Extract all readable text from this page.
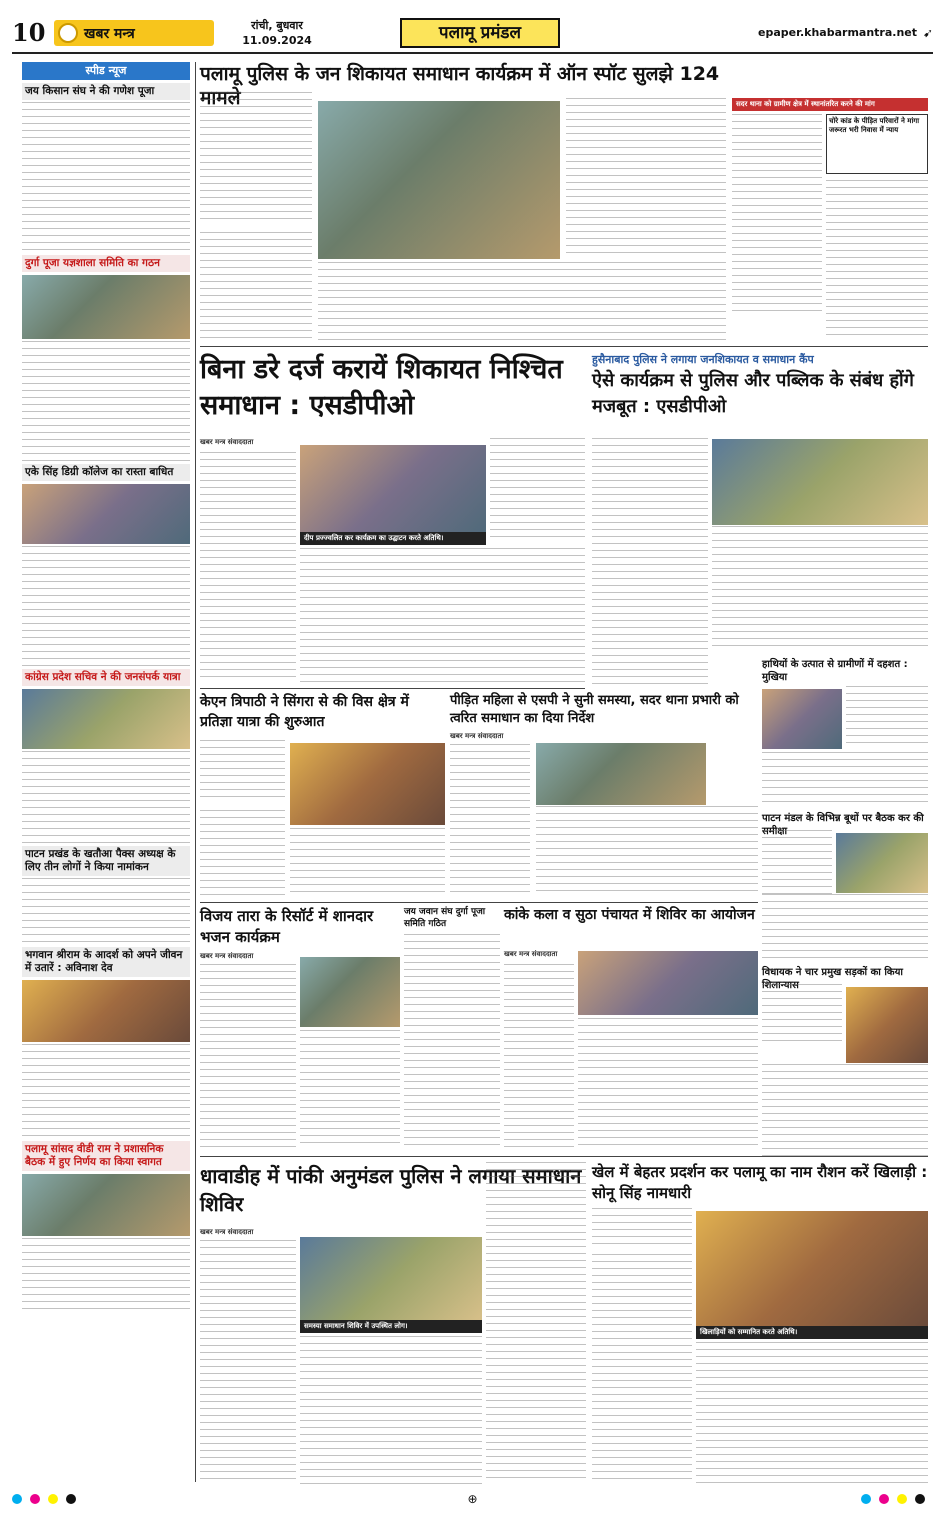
10	खबर मन्त्र
रांची, बुधवार
11.09.2024	पलामू प्रमंडल	epaper.khabarmantra.net ➹
स्पीड न्यूज
जय किसान संघ ने की गणेश पूजा
दुर्गा पूजा यज्ञशाला समिति का गठन
एके सिंह डिग्री कॉलेज का रास्ता बाधित
कांग्रेस प्रदेश सचिव ने की जनसंपर्क यात्रा
पाटन प्रखंड के खतौआ पैक्स अध्यक्ष के लिए तीन लोगों ने किया नामांकन
भगवान श्रीराम के आदर्श को अपने जीवन में उतारें : अविनाश देव
पलामू सांसद वीडी राम ने प्रशासनिक बैठक में हुए निर्णय का किया स्वागत
पलामू पुलिस के जन शिकायत समाधान कार्यक्रम में ऑन स्पॉट सुलझे 124 मामले	सदर थाना को ग्रामीण क्षेत्र में स्थानांतरित करने की मांग
चोरे कांड के पीड़ित परिवारों ने मांगा जरूरत भरी निवास में न्याय
बिना डरे दर्ज करायें शिकायत निश्चित समाधान : एसडीपीओ
खबर मन्त्र संवाददाता
दीप प्रज्ज्वलित कर कार्यक्रम का उद्घाटन करते अतिथि।
हुसैनाबाद पुलिस ने लगाया जनशिकायत व समाधान कैंप
ऐसे कार्यक्रम से पुलिस और पब्लिक के संबंध होंगे मजबूत : एसडीपीओ
केएन त्रिपाठी ने सिंगरा से की विस क्षेत्र में प्रतिज्ञा यात्रा की शुरुआत
पीड़ित महिला से एसपी ने सुनी समस्या, सदर थाना प्रभारी को त्वरित समाधान का दिया निर्देश
खबर मन्त्र संवाददाता
हाथियों के उत्पात से ग्रामीणों में दहशत : मुखिया
पाटन मंडल के विभिन्न बूथों पर बैठक कर की समीक्षा
विधायक ने चार प्रमुख सड़कों का किया शिलान्यास
विजय तारा के रिसॉर्ट में शानदार भजन कार्यक्रम
खबर मन्त्र संवाददाता
जय जवान संघ दुर्गा पूजा समिति गठित
कांके कला व सुठा पंचायत में शिविर का आयोजन
खबर मन्त्र संवाददाता
धावाडीह में पांकी अनुमंडल पुलिस ने लगाया समाधान शिविर
खबर मन्त्र संवाददाता
समस्या समाधान शिविर में उपस्थित लोग।
खेल में बेहतर प्रदर्शन कर पलामू का नाम रौशन करें खिलाड़ी : सोनू सिंह नामधारी
खिलाड़ियों को सम्मानित करते अतिथि।
⊕
